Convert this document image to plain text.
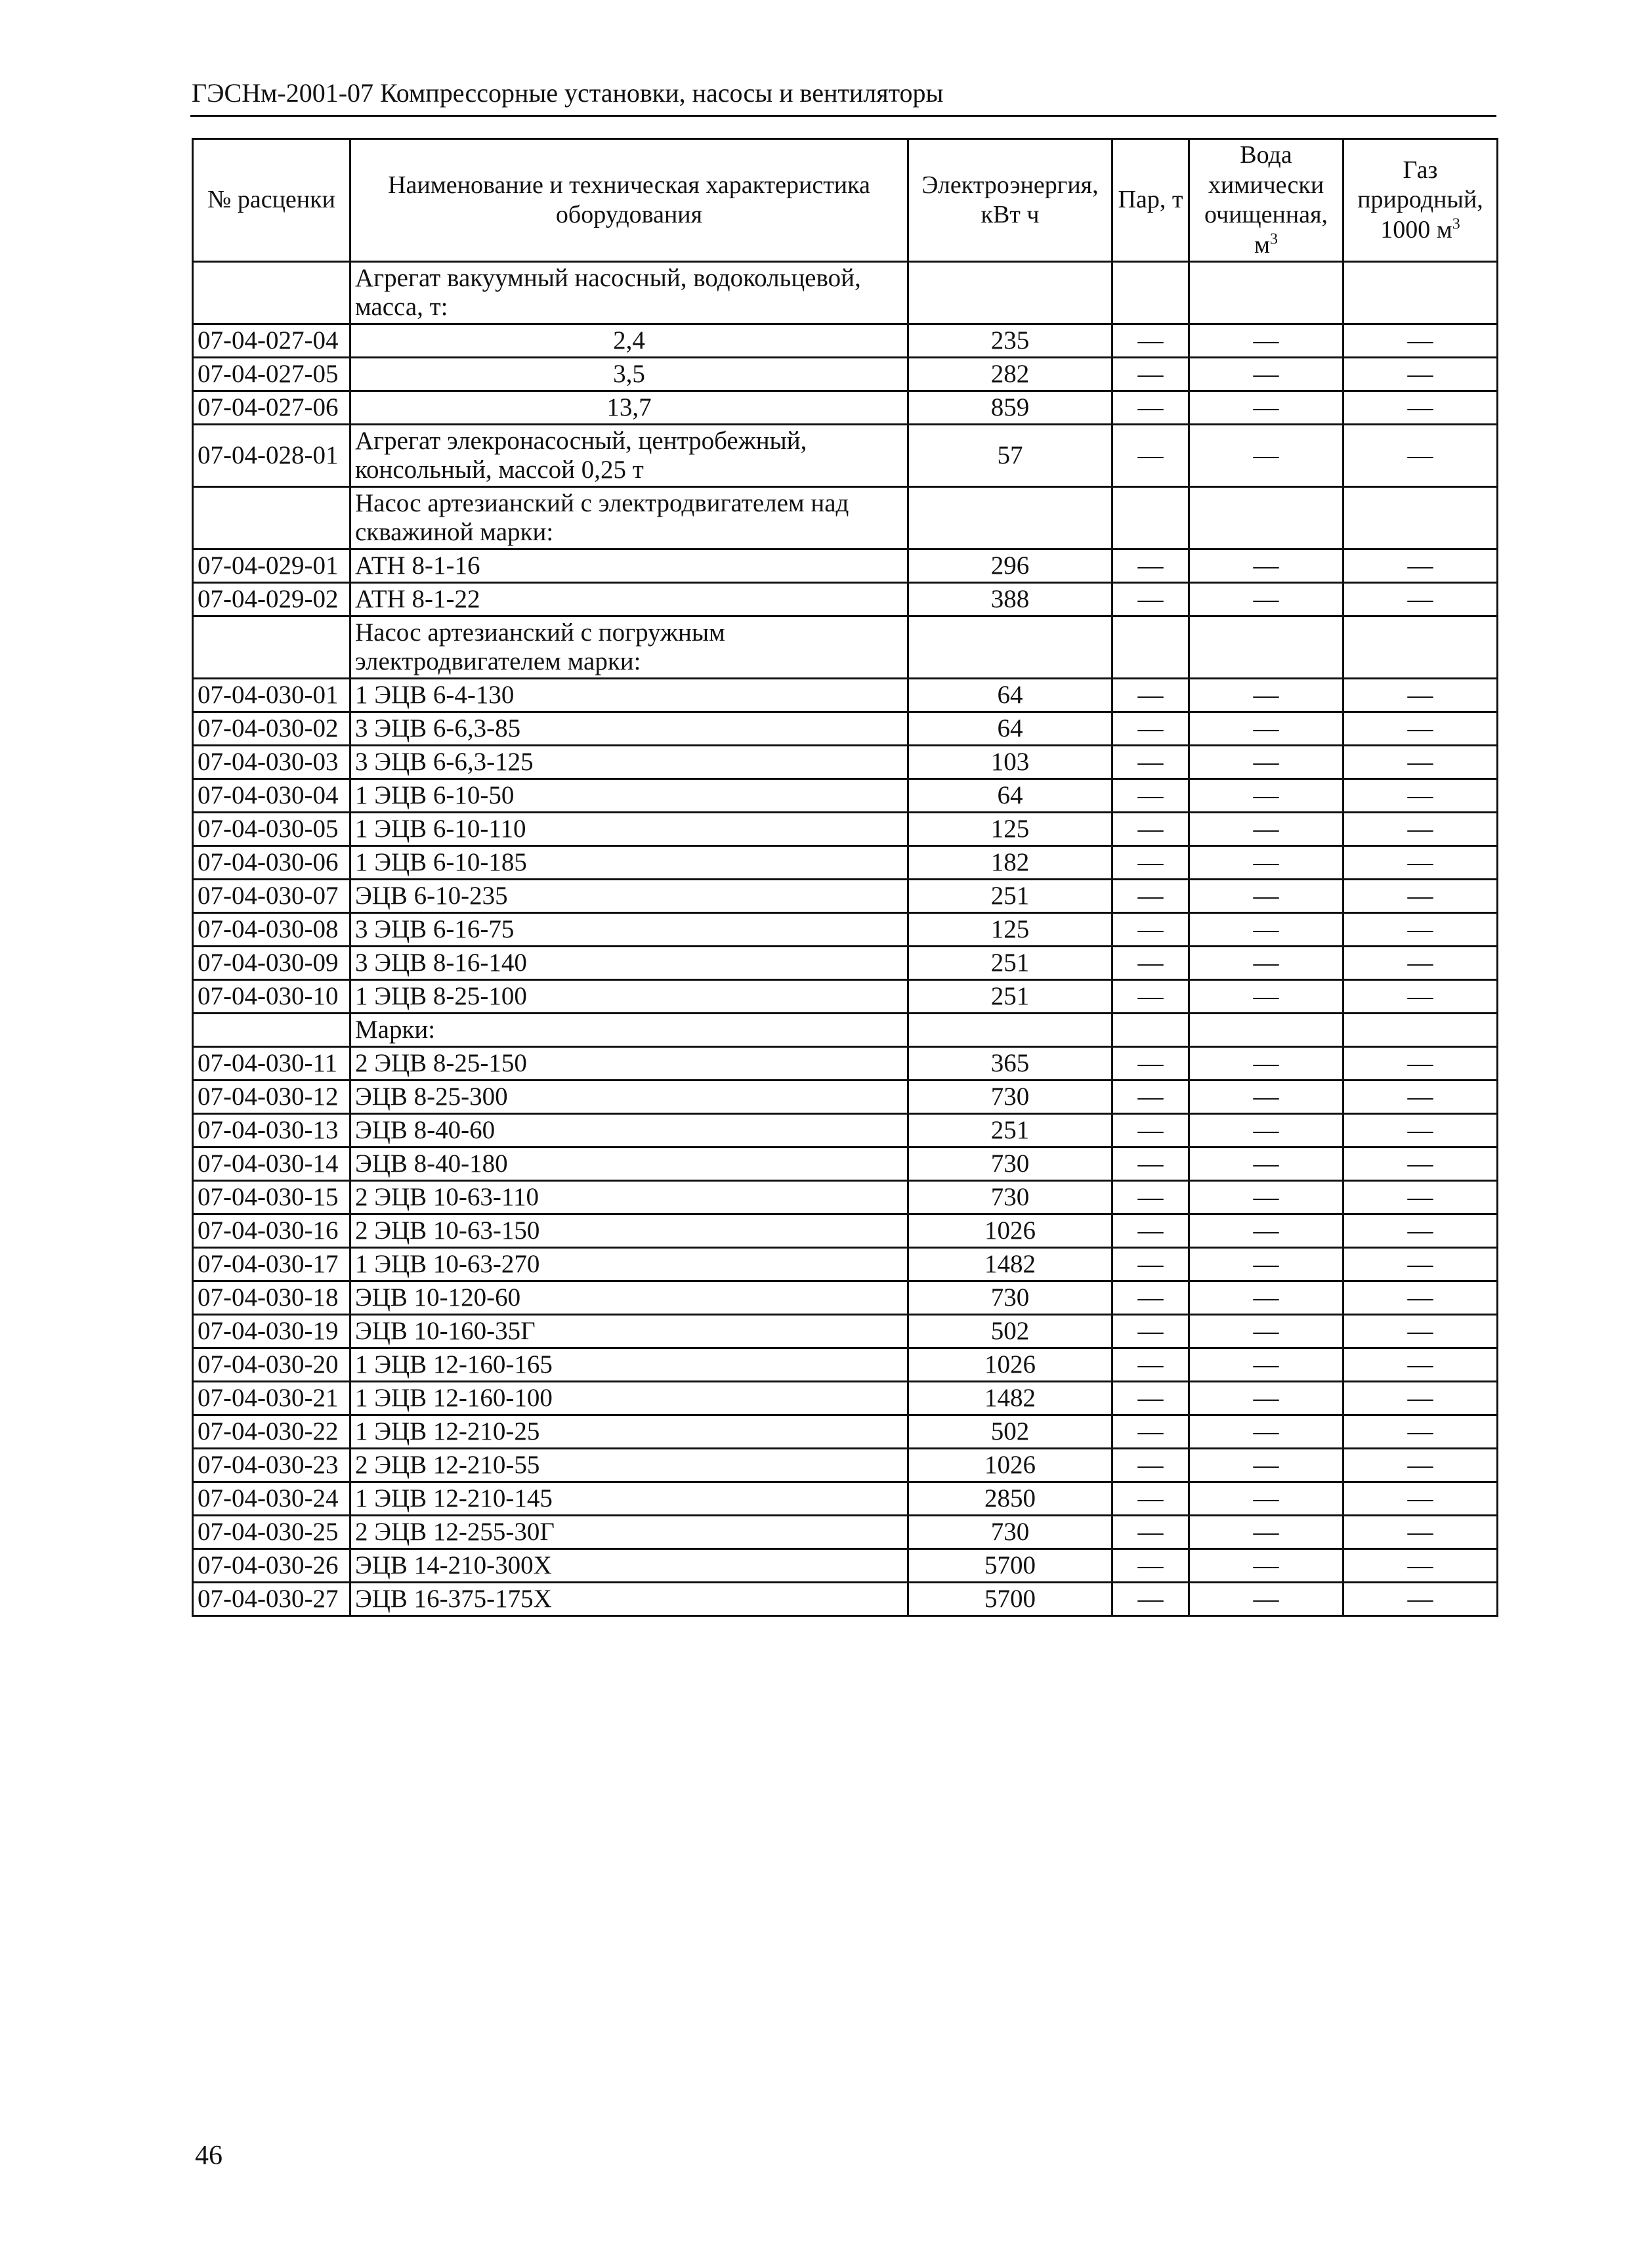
ГЭСНм-2001-07 Компрессорные установки, насосы и вентиляторы
№ расценки	Наименование и техническая характеристика оборудования	Электроэнергия, кВт ч	Пар, т	Вода химически очищенная, $м^3$	Газ природный, 1000 $м^3$
	Агрегат вакуумный насосный, водокольцевой, масса, т:				
07-04-027-04	2,4	235	—	—	—
07-04-027-05	3,5	282	—	—	—
07-04-027-06	13,7	859	—	—	—
07-04-028-01	Агрегат элекронасосный, центробежный, консольный, массой 0,25 т	57	—	—	—
	Насос артезианский с электродвигателем над скважиной марки:				
07-04-029-01	АТН 8-1-16	296	—	—	—
07-04-029-02	АТН 8-1-22	388	—	—	—
	Насос артезианский с погружным электродвигателем марки:				
07-04-030-01	1 ЭЦВ 6-4-130	64	—	—	—
07-04-030-02	3 ЭЦВ 6-6,3-85	64	—	—	—
07-04-030-03	3 ЭЦВ 6-6,3-125	103	—	—	—
07-04-030-04	1 ЭЦВ 6-10-50	64	—	—	—
07-04-030-05	1 ЭЦВ 6-10-110	125	—	—	—
07-04-030-06	1 ЭЦВ 6-10-185	182	—	—	—
07-04-030-07	ЭЦВ 6-10-235	251	—	—	—
07-04-030-08	3 ЭЦВ 6-16-75	125	—	—	—
07-04-030-09	3 ЭЦВ 8-16-140	251	—	—	—
07-04-030-10	1 ЭЦВ 8-25-100	251	—	—	—
	Марки:				
07-04-030-11	2 ЭЦВ 8-25-150	365	—	—	—
07-04-030-12	ЭЦВ 8-25-300	730	—	—	—
07-04-030-13	ЭЦВ 8-40-60	251	—	—	—
07-04-030-14	ЭЦВ 8-40-180	730	—	—	—
07-04-030-15	2 ЭЦВ 10-63-110	730	—	—	—
07-04-030-16	2 ЭЦВ 10-63-150	1026	—	—	—
07-04-030-17	1 ЭЦВ 10-63-270	1482	—	—	—
07-04-030-18	ЭЦВ 10-120-60	730	—	—	—
07-04-030-19	ЭЦВ 10-160-35Г	502	—	—	—
07-04-030-20	1 ЭЦВ 12-160-165	1026	—	—	—
07-04-030-21	1 ЭЦВ 12-160-100	1482	—	—	—
07-04-030-22	1 ЭЦВ 12-210-25	502	—	—	—
07-04-030-23	2 ЭЦВ 12-210-55	1026	—	—	—
07-04-030-24	1 ЭЦВ 12-210-145	2850	—	—	—
07-04-030-25	2 ЭЦВ 12-255-30Г	730	—	—	—
07-04-030-26	ЭЦВ 14-210-300Х	5700	—	—	—
07-04-030-27	ЭЦВ 16-375-175Х	5700	—	—	—
46
